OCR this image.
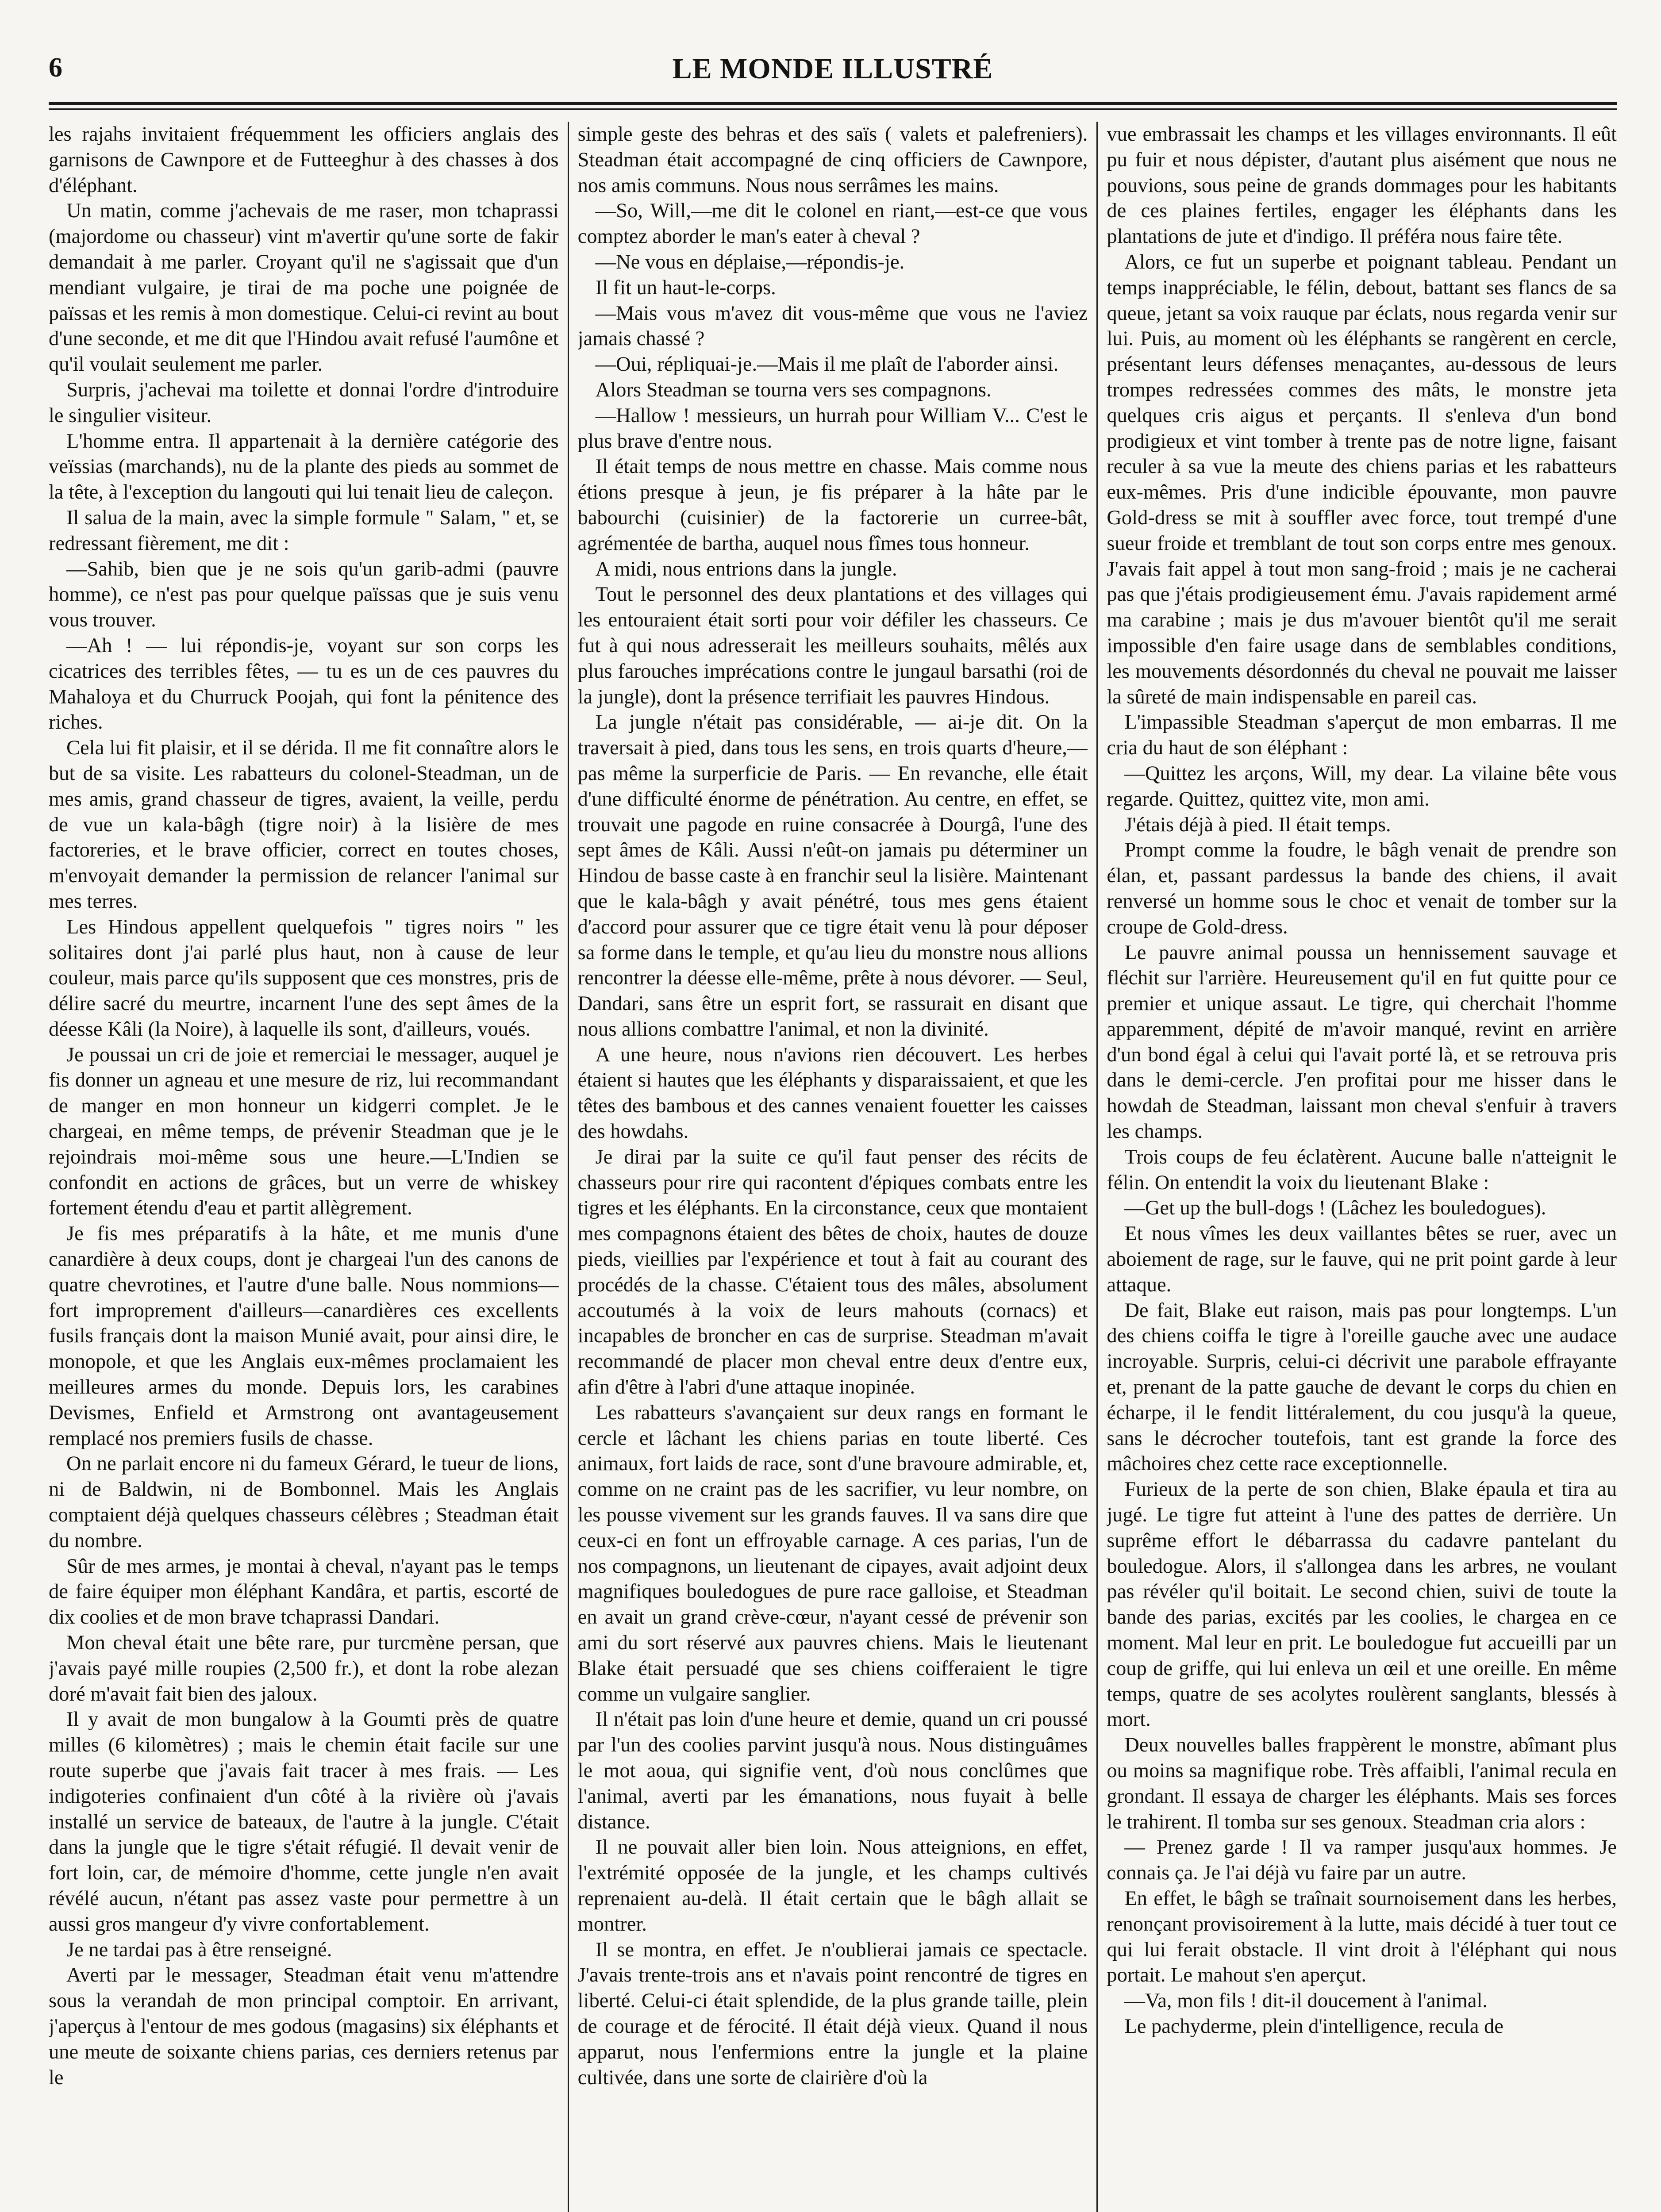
6	LE MONDE ILLUSTRÉ

les rajahs invitaient fréquemment les officiers anglais des garnisons de Cawnpore et de Futteeghur à des chasses à dos d'éléphant.

Un matin, comme j'achevais de me raser, mon tchaprassi (majordome ou chasseur) vint m'avertir qu'une sorte de fakir demandait à me parler. Croyant qu'il ne s'agissait que d'un mendiant vulgaire, je tirai de ma poche une poignée de païssas et les remis à mon domestique. Celui-ci revint au bout d'une seconde, et me dit que l'Hindou avait refusé l'aumône et qu'il voulait seulement me parler.

Surpris, j'achevai ma toilette et donnai l'ordre d'introduire le singulier visiteur.

L'homme entra. Il appartenait à la dernière catégorie des veïssias (marchands), nu de la plante des pieds au sommet de la tête, à l'exception du langouti qui lui tenait lieu de caleçon.

Il salua de la main, avec la simple formule " Salam, " et, se redressant fièrement, me dit :

—Sahib, bien que je ne sois qu'un garib-admi (pauvre homme), ce n'est pas pour quelque païssas que je suis venu vous trouver.

—Ah ! — lui répondis-je, voyant sur son corps les cicatrices des terribles fêtes, — tu es un de ces pauvres du Mahaloya et du Churruck Poojah, qui font la pénitence des riches.

Cela lui fit plaisir, et il se dérida. Il me fit connaître alors le but de sa visite. Les rabatteurs du colonel-Steadman, un de mes amis, grand chasseur de tigres, avaient, la veille, perdu de vue un kala-bâgh (tigre noir) à la lisière de mes factoreries, et le brave officier, correct en toutes choses, m'envoyait demander la permission de relancer l'animal sur mes terres.

Les Hindous appellent quelquefois " tigres noirs " les solitaires dont j'ai parlé plus haut, non à cause de leur couleur, mais parce qu'ils supposent que ces monstres, pris de délire sacré du meurtre, incarnent l'une des sept âmes de la déesse Kâli (la Noire), à laquelle ils sont, d'ailleurs, voués.

Je poussai un cri de joie et remerciai le messager, auquel je fis donner un agneau et une mesure de riz, lui recommandant de manger en mon honneur un kidgerri complet. Je le chargeai, en même temps, de prévenir Steadman que je le rejoindrais moi-même sous une heure.—L'Indien se confondit en actions de grâces, but un verre de whiskey fortement étendu d'eau et partit allègrement.

Je fis mes préparatifs à la hâte, et me munis d'une canardière à deux coups, dont je chargeai l'un des canons de quatre chevrotines, et l'autre d'une balle. Nous nommions—fort improprement d'ailleurs—canardières ces excellents fusils français dont la maison Munié avait, pour ainsi dire, le monopole, et que les Anglais eux-mêmes proclamaient les meilleures armes du monde. Depuis lors, les carabines Devismes, Enfield et Armstrong ont avantageusement remplacé nos premiers fusils de chasse.

On ne parlait encore ni du fameux Gérard, le tueur de lions, ni de Baldwin, ni de Bombonnel. Mais les Anglais comptaient déjà quelques chasseurs célèbres ; Steadman était du nombre.

Sûr de mes armes, je montai à cheval, n'ayant pas le temps de faire équiper mon éléphant Kandâra, et partis, escorté de dix coolies et de mon brave tchaprassi Dandari.

Mon cheval était une bête rare, pur turcmène persan, que j'avais payé mille roupies (2,500 fr.), et dont la robe alezan doré m'avait fait bien des jaloux.

Il y avait de mon bungalow à la Goumti près de quatre milles (6 kilomètres) ; mais le chemin était facile sur une route superbe que j'avais fait tracer à mes frais. — Les indigoteries confinaient d'un côté à la rivière où j'avais installé un service de bateaux, de l'autre à la jungle. C'était dans la jungle que le tigre s'était réfugié. Il devait venir de fort loin, car, de mémoire d'homme, cette jungle n'en avait révélé aucun, n'étant pas assez vaste pour permettre à un aussi gros mangeur d'y vivre confortablement.

Je ne tardai pas à être renseigné.

Averti par le messager, Steadman était venu m'attendre sous la verandah de mon principal comptoir. En arrivant, j'aperçus à l'entour de mes godous (magasins) six éléphants et une meute de soixante chiens parias, ces derniers retenus par le

simple geste des behras et des saïs ( valets et palefreniers). Steadman était accompagné de cinq officiers de Cawnpore, nos amis communs. Nous nous serrâmes les mains.

—So, Will,—me dit le colonel en riant,—est-ce que vous comptez aborder le man's eater à cheval ?

—Ne vous en déplaise,—répondis-je.

Il fit un haut-le-corps.

—Mais vous m'avez dit vous-même que vous ne l'aviez jamais chassé ?

—Oui, répliquai-je.—Mais il me plaît de l'aborder ainsi.

Alors Steadman se tourna vers ses compagnons.

—Hallow ! messieurs, un hurrah pour William V... C'est le plus brave d'entre nous.

Il était temps de nous mettre en chasse. Mais comme nous étions presque à jeun, je fis préparer à la hâte par le babourchi (cuisinier) de la factorerie un curree-bât, agrémentée de bartha, auquel nous fîmes tous honneur.

A midi, nous entrions dans la jungle.

Tout le personnel des deux plantations et des villages qui les entouraient était sorti pour voir défiler les chasseurs. Ce fut à qui nous adresserait les meilleurs souhaits, mêlés aux plus farouches imprécations contre le jungaul barsathi (roi de la jungle), dont la présence terrifiait les pauvres Hindous.

La jungle n'était pas considérable, — ai-je dit. On la traversait à pied, dans tous les sens, en trois quarts d'heure,—pas même la surperficie de Paris. — En revanche, elle était d'une difficulté énorme de pénétration. Au centre, en effet, se trouvait une pagode en ruine consacrée à Dourgâ, l'une des sept âmes de Kâli. Aussi n'eût-on jamais pu déterminer un Hindou de basse caste à en franchir seul la lisière. Maintenant que le kala-bâgh y avait pénétré, tous mes gens étaient d'accord pour assurer que ce tigre était venu là pour déposer sa forme dans le temple, et qu'au lieu du monstre nous allions rencontrer la déesse elle-même, prête à nous dévorer. — Seul, Dandari, sans être un esprit fort, se rassurait en disant que nous allions combattre l'animal, et non la divinité.

A une heure, nous n'avions rien découvert. Les herbes étaient si hautes que les éléphants y disparaissaient, et que les têtes des bambous et des cannes venaient fouetter les caisses des howdahs.

Je dirai par la suite ce qu'il faut penser des récits de chasseurs pour rire qui racontent d'épiques combats entre les tigres et les éléphants. En la circonstance, ceux que montaient mes compagnons étaient des bêtes de choix, hautes de douze pieds, vieillies par l'expérience et tout à fait au courant des procédés de la chasse. C'étaient tous des mâles, absolument accoutumés à la voix de leurs mahouts (cornacs) et incapables de broncher en cas de surprise. Steadman m'avait recommandé de placer mon cheval entre deux d'entre eux, afin d'être à l'abri d'une attaque inopinée.

Les rabatteurs s'avançaient sur deux rangs en formant le cercle et lâchant les chiens parias en toute liberté. Ces animaux, fort laids de race, sont d'une bravoure admirable, et, comme on ne craint pas de les sacrifier, vu leur nombre, on les pousse vivement sur les grands fauves. Il va sans dire que ceux-ci en font un effroyable carnage. A ces parias, l'un de nos compagnons, un lieutenant de cipayes, avait adjoint deux magnifiques bouledogues de pure race galloise, et Steadman en avait un grand crève-cœur, n'ayant cessé de prévenir son ami du sort réservé aux pauvres chiens. Mais le lieutenant Blake était persuadé que ses chiens coifferaient le tigre comme un vulgaire sanglier.

Il n'était pas loin d'une heure et demie, quand un cri poussé par l'un des coolies parvint jusqu'à nous. Nous distinguâmes le mot aoua, qui signifie vent, d'où nous conclûmes que l'animal, averti par les émanations, nous fuyait à belle distance.

Il ne pouvait aller bien loin. Nous atteignions, en effet, l'extrémité opposée de la jungle, et les champs cultivés reprenaient au-delà. Il était certain que le bâgh allait se montrer.

Il se montra, en effet. Je n'oublierai jamais ce spectacle. J'avais trente-trois ans et n'avais point rencontré de tigres en liberté. Celui-ci était splendide, de la plus grande taille, plein de courage et de férocité. Il était déjà vieux. Quand il nous apparut, nous l'enfermions entre la jungle et la plaine cultivée, dans une sorte de clairière d'où la

vue embrassait les champs et les villages environnants. Il eût pu fuir et nous dépister, d'autant plus aisément que nous ne pouvions, sous peine de grands dommages pour les habitants de ces plaines fertiles, engager les éléphants dans les plantations de jute et d'indigo. Il préféra nous faire tête.

Alors, ce fut un superbe et poignant tableau. Pendant un temps inappréciable, le félin, debout, battant ses flancs de sa queue, jetant sa voix rauque par éclats, nous regarda venir sur lui. Puis, au moment où les éléphants se rangèrent en cercle, présentant leurs défenses menaçantes, au-dessous de leurs trompes redressées commes des mâts, le monstre jeta quelques cris aigus et perçants. Il s'enleva d'un bond prodigieux et vint tomber à trente pas de notre ligne, faisant reculer à sa vue la meute des chiens parias et les rabatteurs eux-mêmes. Pris d'une indicible épouvante, mon pauvre Gold-dress se mit à souffler avec force, tout trempé d'une sueur froide et tremblant de tout son corps entre mes genoux. J'avais fait appel à tout mon sang-froid ; mais je ne cacherai pas que j'étais prodigieusement ému. J'avais rapidement armé ma carabine ; mais je dus m'avouer bientôt qu'il me serait impossible d'en faire usage dans de semblables conditions, les mouvements désordonnés du cheval ne pouvait me laisser la sûreté de main indispensable en pareil cas.

L'impassible Steadman s'aperçut de mon embarras. Il me cria du haut de son éléphant :

—Quittez les arçons, Will, my dear. La vilaine bête vous regarde. Quittez, quittez vite, mon ami.

J'étais déjà à pied. Il était temps.

Prompt comme la foudre, le bâgh venait de prendre son élan, et, passant pardessus la bande des chiens, il avait renversé un homme sous le choc et venait de tomber sur la croupe de Gold-dress.

Le pauvre animal poussa un hennissement sauvage et fléchit sur l'arrière. Heureusement qu'il en fut quitte pour ce premier et unique assaut. Le tigre, qui cherchait l'homme apparemment, dépité de m'avoir manqué, revint en arrière d'un bond égal à celui qui l'avait porté là, et se retrouva pris dans le demi-cercle. J'en profitai pour me hisser dans le howdah de Steadman, laissant mon cheval s'enfuir à travers les champs.

Trois coups de feu éclatèrent. Aucune balle n'atteignit le félin. On entendit la voix du lieutenant Blake :

—Get up the bull-dogs ! (Lâchez les bouledogues).

Et nous vîmes les deux vaillantes bêtes se ruer, avec un aboiement de rage, sur le fauve, qui ne prit point garde à leur attaque.

De fait, Blake eut raison, mais pas pour longtemps. L'un des chiens coiffa le tigre à l'oreille gauche avec une audace incroyable. Surpris, celui-ci décrivit une parabole effrayante et, prenant de la patte gauche de devant le corps du chien en écharpe, il le fendit littéralement, du cou jusqu'à la queue, sans le décrocher toutefois, tant est grande la force des mâchoires chez cette race exceptionnelle.

Furieux de la perte de son chien, Blake épaula et tira au jugé. Le tigre fut atteint à l'une des pattes de derrière. Un suprême effort le débarrassa du cadavre pantelant du bouledogue. Alors, il s'allongea dans les arbres, ne voulant pas révéler qu'il boitait. Le second chien, suivi de toute la bande des parias, excités par les coolies, le chargea en ce moment. Mal leur en prit. Le bouledogue fut accueilli par un coup de griffe, qui lui enleva un œil et une oreille. En même temps, quatre de ses acolytes roulèrent sanglants, blessés à mort.

Deux nouvelles balles frappèrent le monstre, abîmant plus ou moins sa magnifique robe. Très affaibli, l'animal recula en grondant. Il essaya de charger les éléphants. Mais ses forces le trahirent. Il tomba sur ses genoux. Steadman cria alors :

— Prenez garde ! Il va ramper jusqu'aux hommes. Je connais ça. Je l'ai déjà vu faire par un autre.

En effet, le bâgh se traînait sournoisement dans les herbes, renonçant provisoirement à la lutte, mais décidé à tuer tout ce qui lui ferait obstacle. Il vint droit à l'éléphant qui nous portait. Le mahout s'en aperçut.

—Va, mon fils ! dit-il doucement à l'animal.

Le pachyderme, plein d'intelligence, recula de
